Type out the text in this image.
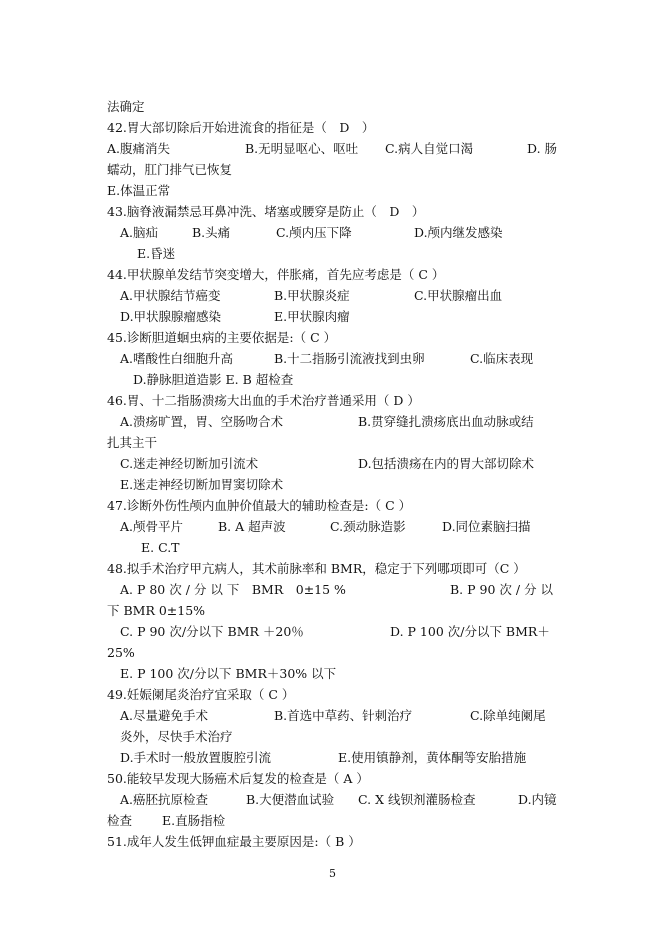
法确定
42.胃大部切除后开始进流食的指征是（　D　）
A.腹痛消失	B.无明显呕心、呕吐 C.病人自觉口渴	D. 肠
蠕动，肛门排气已恢复
E.体温正常
43.脑脊液漏禁忌耳鼻冲洗、堵塞或腰穿是防止（　D　）
A.脑疝	B.头痛	C.颅内压下降	D.颅内继发感染
E.昏迷
44.甲状腺单发结节突变增大，伴胀痛，首先应考虑是（ C ）
A.甲状腺结节癌变	B.甲状腺炎症	C.甲状腺瘤出血
D.甲状腺腺瘤感染	E.甲状腺肉瘤
45.诊断胆道蛔虫病的主要依据是:（ C ）
A.嗜酸性白细胞升高	B.十二指肠引流液找到虫卵	C.临床表现
D.静脉胆道造影 E. B 超检查
46.胃、十二指肠溃疡大出血的手术治疗普通采用（ D ）
A.溃疡旷置，胃、空肠吻合术	B.贯穿缝扎溃疡底出血动脉或结
扎其主干
C.迷走神经切断加引流术	D.包括溃疡在内的胃大部切除术
E.迷走神经切断加胃窦切除术
47.诊断外伤性颅内血肿价值最大的辅助检查是:（ C ）
A.颅骨平片	B. A 超声波	C.颈动脉造影	D.同位素脑扫描
E. C.T
48.拟手术治疗甲亢病人，其术前脉率和 BMR，稳定于下列哪项即可（C ）
A. P 80 次 / 分 以 下　BMR　0±15 %	B. P 90 次 / 分 以
下 BMR 0±15%
C. P 90 次/分以下 BMR ＋20％	D. P 100 次/分以下 BMR＋
25%
E. P 100 次/分以下 BMR＋30% 以下
49.妊娠阑尾炎治疗宜采取（ C ）
A.尽量避免手术	B.首选中草药、针刺治疗	C.除单纯阑尾
炎外，尽快手术治疗
D.手术时一般放置腹腔引流	E.使用镇静剂，黄体酮等安胎措施
50.能较早发现大肠癌术后复发的检查是（ A ）
A.癌胚抗原检查	B.大便潜血试验 C. X 线钡剂灌肠检查	D.内镜
检查 E.直肠指检
51.成年人发生低钾血症最主要原因是:（ B ）
5
